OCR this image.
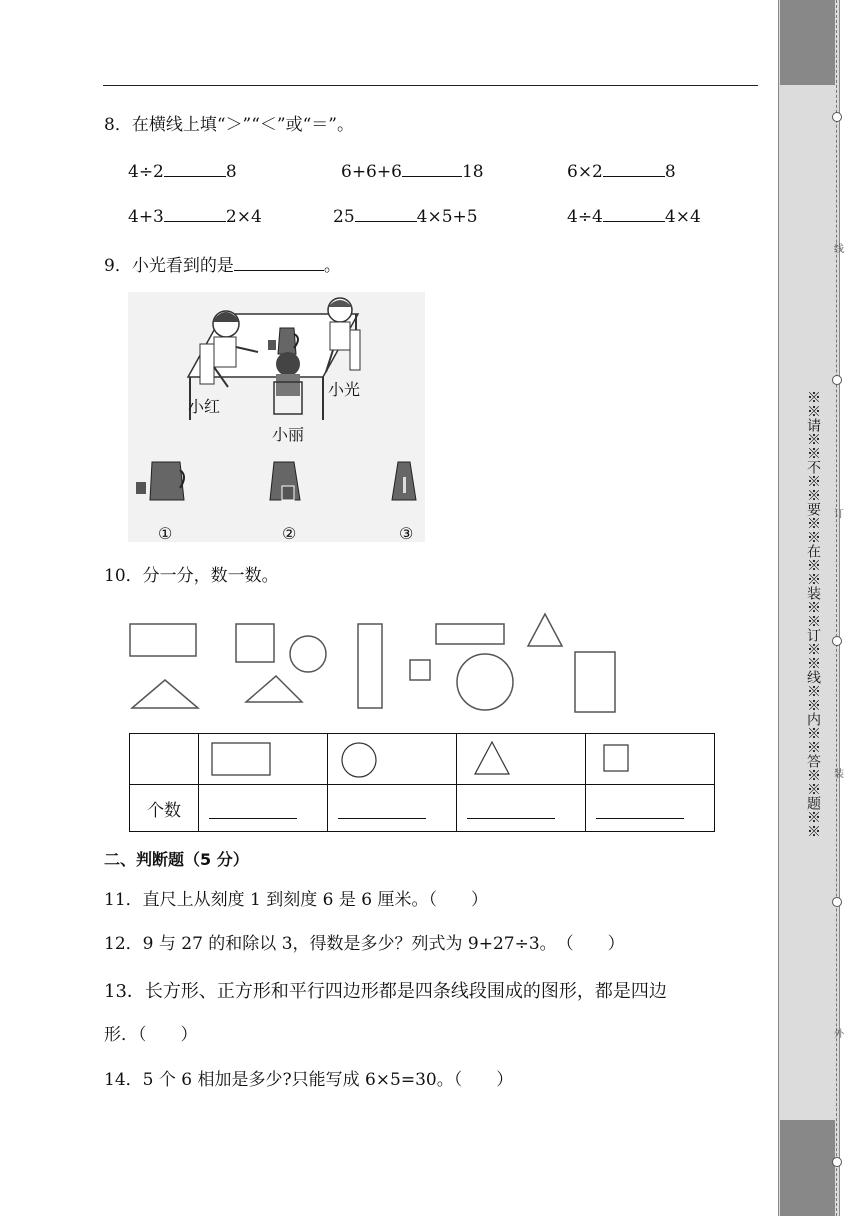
※※请※※不※※要※※在※※装※※订※※线※※内※※答※※题※※
线
订
装
外
8．在横线上填“＞”“＜”或“＝”。
4÷2	8	6+6+6	18	6×2	8
4+3	2×4	25	4×5+5	4÷4	4×4
9．小光看到的是	。
小红
小光
小丽
①	②	③
10．分一分，数一数。

个数	

二、判断题（5 分）
11．直尺上从刻度 1 到刻度 6 是 6 厘米。（　　）
12．9 与 27 的和除以 3，得数是多少？列式为 9+27÷3。　（　　）
13．长方形、正方形和平行四边形都是四条线段围成的图形，都是四边
形．（　　）
14．5 个 6 相加是多少?只能写成 6×5=30。（　　）
